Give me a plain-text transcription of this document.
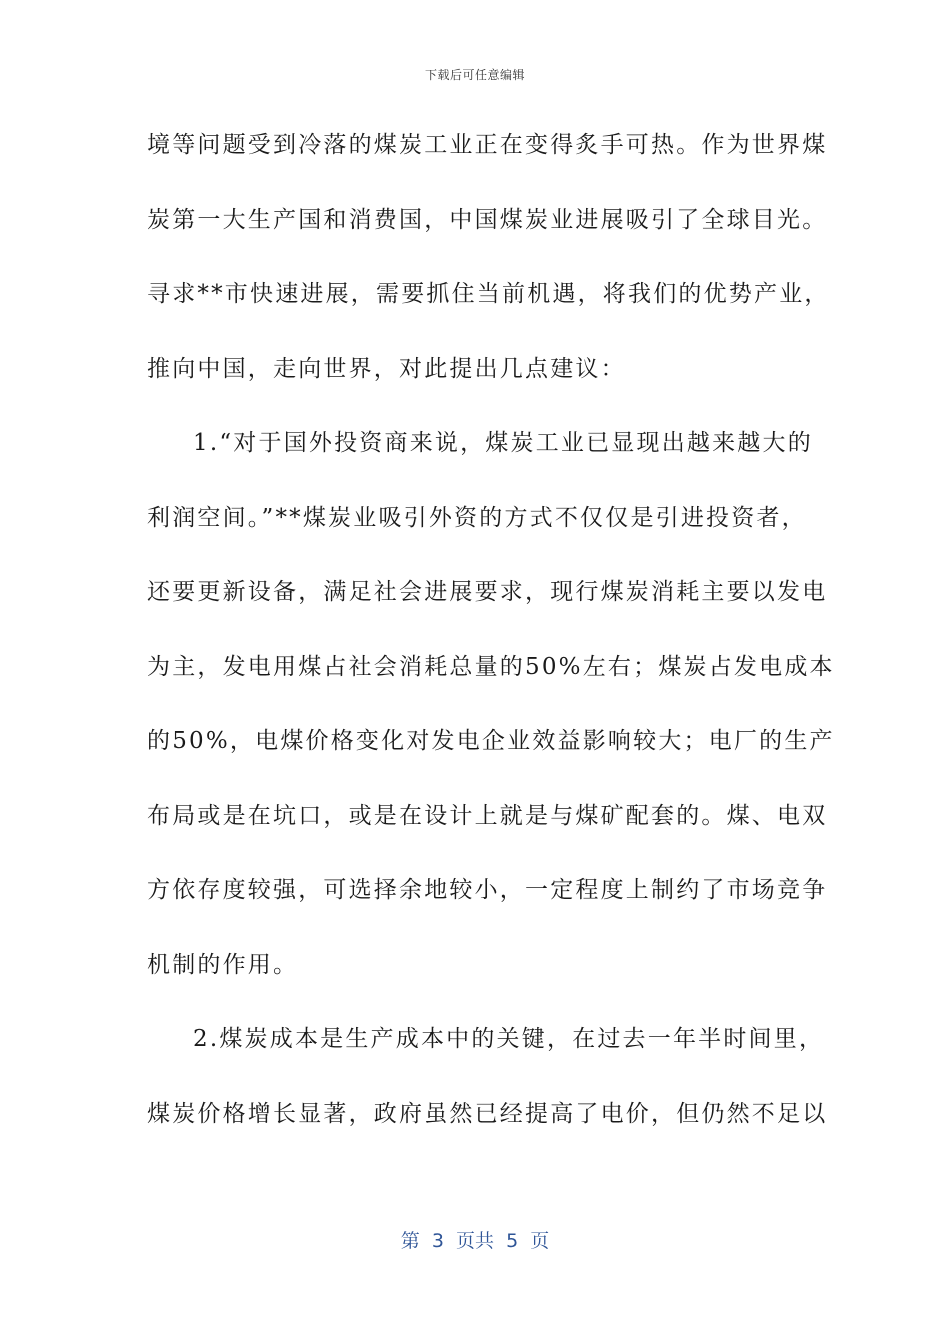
下载后可任意编辑
境等问题受到冷落的煤炭工业正在变得炙手可热。作为世界煤
炭第一大生产国和消费国，中国煤炭业进展吸引了全球目光。
寻求**市快速进展，需要抓住当前机遇，将我们的优势产业，
推向中国，走向世界，对此提出几点建议：
1.“对于国外投资商来说，煤炭工业已显现出越来越大的
利润空间。”**煤炭业吸引外资的方式不仅仅是引进投资者，
还要更新设备，满足社会进展要求，现行煤炭消耗主要以发电
为主，发电用煤占社会消耗总量的50%左右；煤炭占发电成本
的50%，电煤价格变化对发电企业效益影响较大；电厂的生产
布局或是在坑口，或是在设计上就是与煤矿配套的。煤、电双
方依存度较强，可选择余地较小，一定程度上制约了市场竞争
机制的作用。
2.煤炭成本是生产成本中的关键，在过去一年半时间里，
煤炭价格增长显著，政府虽然已经提高了电价，但仍然不足以
第  3  页共  5  页
